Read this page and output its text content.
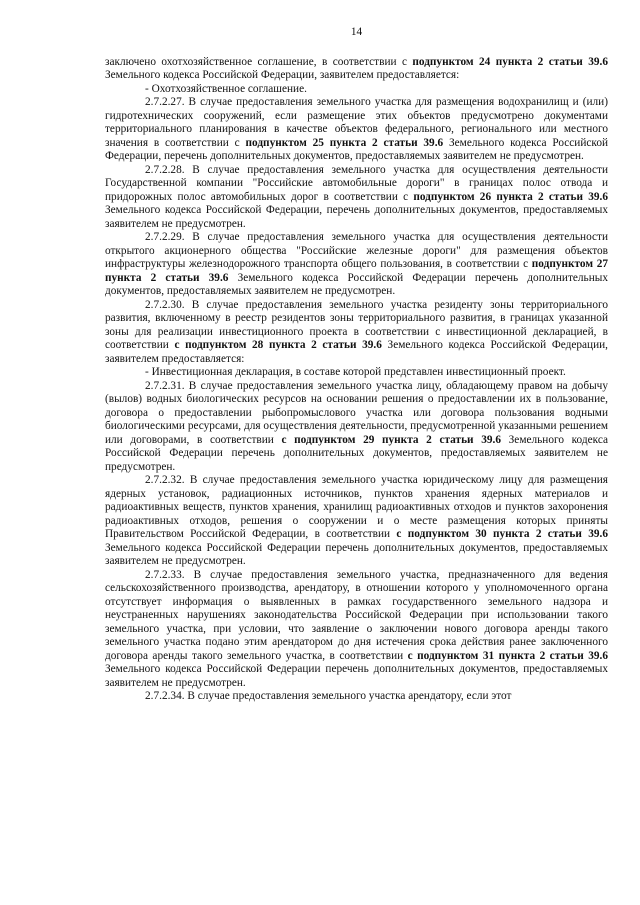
14

заключено охотхозяйственное соглашение, в соответствии с подпунктом 24 пункта 2 статьи 39.6 Земельного кодекса Российской Федерации, заявителем предоставляется:

- Охотхозяйственное соглашение.

2.7.2.27. В случае предоставления земельного участка для размещения водохранилищ и (или) гидротехнических сооружений, если размещение этих объектов предусмотрено документами территориального планирования в качестве объектов федерального, регионального или местного значения в соответствии с подпунктом 25 пункта 2 статьи 39.6 Земельного кодекса Российской Федерации, перечень дополнительных документов, предоставляемых заявителем не предусмотрен.

2.7.2.28. В случае предоставления земельного участка для осуществления деятельности Государственной компании "Российские автомобильные дороги" в границах полос отвода и придорожных полос автомобильных дорог в соответствии с подпунктом 26 пункта 2 статьи 39.6 Земельного кодекса Российской Федерации, перечень дополнительных документов, предоставляемых заявителем не предусмотрен.

2.7.2.29. В случае предоставления земельного участка для осуществления деятельности открытого акционерного общества "Российские железные дороги" для размещения объектов инфраструктуры железнодорожного транспорта общего пользования, в соответствии с подпунктом 27 пункта 2 статьи 39.6 Земельного кодекса Российской Федерации перечень дополнительных документов, предоставляемых заявителем не предусмотрен.

2.7.2.30. В случае предоставления земельного участка резиденту зоны территориального развития, включенному в реестр резидентов зоны территориального развития, в границах указанной зоны для реализации инвестиционного проекта в соответствии с инвестиционной декларацией, в соответствии с подпунктом 28 пункта 2 статьи 39.6 Земельного кодекса Российской Федерации, заявителем предоставляется:

- Инвестиционная декларация, в составе которой представлен инвестиционный проект.

2.7.2.31. В случае предоставления земельного участка лицу, обладающему правом на добычу (вылов) водных биологических ресурсов на основании решения о предоставлении их в пользование, договора о предоставлении рыбопромыслового участка или договора пользования водными биологическими ресурсами, для осуществления деятельности, предусмотренной указанными решением или договорами, в соответствии с подпунктом 29 пункта 2 статьи 39.6 Земельного кодекса Российской Федерации перечень дополнительных документов, предоставляемых заявителем не предусмотрен.

2.7.2.32. В случае предоставления земельного участка юридическому лицу для размещения ядерных установок, радиационных источников, пунктов хранения ядерных материалов и радиоактивных веществ, пунктов хранения, хранилищ радиоактивных отходов и пунктов захоронения радиоактивных отходов, решения о сооружении и о месте размещения которых приняты Правительством Российской Федерации, в соответствии с подпунктом 30 пункта 2 статьи 39.6 Земельного кодекса Российской Федерации перечень дополнительных документов, предоставляемых заявителем не предусмотрен.

2.7.2.33. В случае предоставления земельного участка, предназначенного для ведения сельскохозяйственного производства, арендатору, в отношении которого у уполномоченного органа отсутствует информация о выявленных в рамках государственного земельного надзора и неустраненных нарушениях законодательства Российской Федерации при использовании такого земельного участка, при условии, что заявление о заключении нового договора аренды такого земельного участка подано этим арендатором до дня истечения срока действия ранее заключенного договора аренды такого земельного участка, в соответствии с подпунктом 31 пункта 2 статьи 39.6 Земельного кодекса Российской Федерации перечень дополнительных документов, предоставляемых заявителем не предусмотрен.

2.7.2.34. В случае предоставления земельного участка арендатору, если этот
